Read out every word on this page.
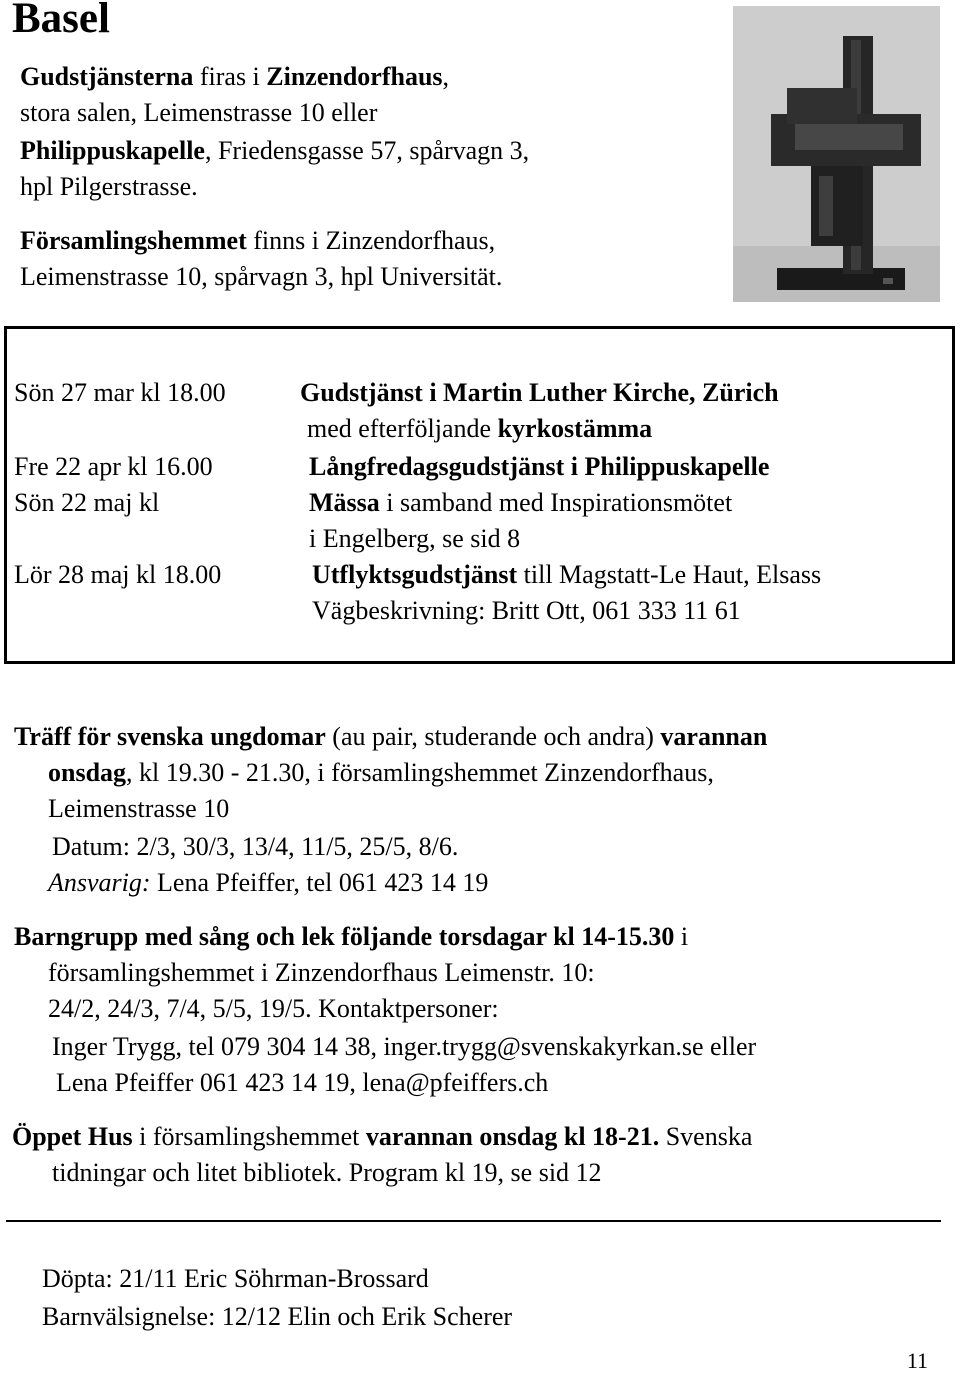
Basel
Gudstjänsterna firas i Zinzendorfhaus,
stora salen, Leimenstrasse 10 eller
Philippuskapelle, Friedensgasse 57, spårvagn 3,
hpl Pilgerstrasse.
Församlingshemmet finns i Zinzendorfhaus,
Leimenstrasse 10, spårvagn 3, hpl Universität.
Sön 27 mar kl 18.00	Gudstjänst i Martin Luther Kirche, Zürich
med efterföljande kyrkostämma
Fre 22 apr kl 16.00	Långfredagsgudstjänst i Philippuskapelle
Sön 22 maj kl	Mässa i samband med Inspirationsmötet
i Engelberg, se sid 8
Lör 28 maj kl 18.00	Utflyktsgudstjänst till Magstatt-Le Haut, Elsass
Vägbeskrivning: Britt Ott, 061 333 11 61
Träff för svenska ungdomar (au pair, studerande och andra) varannan
onsdag, kl 19.30 - 21.30, i församlingshemmet Zinzendorfhaus,
Leimenstrasse 10
Datum: 2/3, 30/3, 13/4, 11/5, 25/5, 8/6.
Ansvarig: Lena Pfeiffer, tel 061 423 14 19
Barngrupp med sång och lek följande torsdagar kl 14-15.30 i
församlingshemmet i Zinzendorfhaus Leimenstr. 10:
24/2, 24/3, 7/4, 5/5, 19/5. Kontaktpersoner:
Inger Trygg, tel 079 304 14 38, inger.trygg@svenskakyrkan.se eller
Lena Pfeiffer 061 423 14 19, lena@pfeiffers.ch
Öppet Hus i församlingshemmet varannan onsdag kl 18-21. Svenska
tidningar och litet bibliotek. Program kl 19, se sid 12
Döpta: 21/11 Eric Söhrman-Brossard
Barnvälsignelse: 12/12 Elin och Erik Scherer
11
